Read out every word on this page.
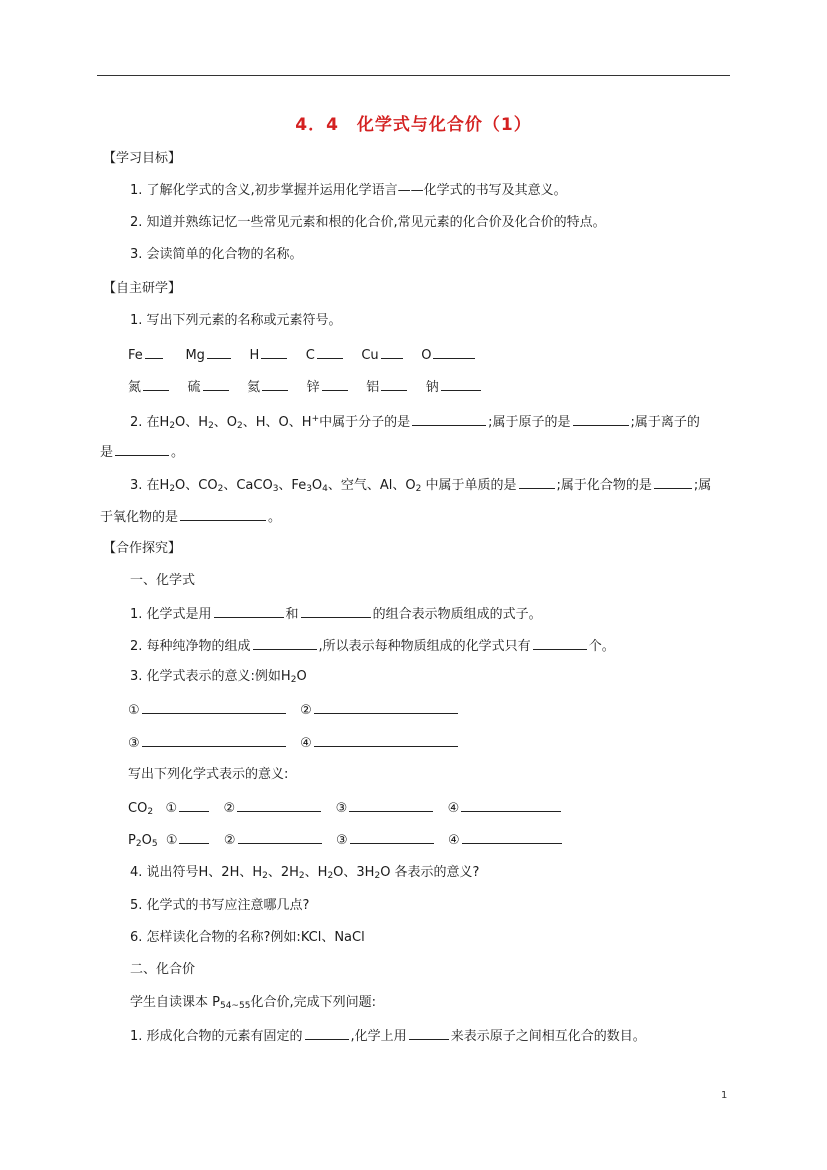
4．4　化学式与化合价（1）
【学习目标】
1. 了解化学式的含义,初步掌握并运用化学语言——化学式的书写及其意义。
2. 知道并熟练记忆一些常见元素和根的化合价,常见元素的化合价及化合价的特点。
3. 会读简单的化合物的名称。
【自主研学】
1. 写出下列元素的名称或元素符号。
Fe	Mg	H	C	Cu	O
氮	硫	氦	锌	铝	钠
2. 在$H_2O$、$H_2$、$O_2$、H、O、H+中属于分子的是	;属于原子的是	;属于离子的
是	。
3. 在$H_2O$、$CO_2$、CaCO$_3$、$Fe_3O_4$、空气、Al、$O_2$ 中属于单质的是	;属于化合物的是	;属
于氧化物的是	。
【合作探究】
一、化学式
1. 化学式是用	和	的组合表示物质组成的式子。
2. 每种纯净物的组成	,所以表示每种物质组成的化学式只有	个。
3. 化学式表示的意义:例如$H_2O$
①	②
③	④
写出下列化学式表示的意义:
$CO_2$ ①	②	③	④
$P_2O_5$ ①	②	③	④
4. 说出符号H、2H、$H_2$、$2H_2$、$H_2O$、$3H_2O$ 各表示的意义?
5. 化学式的书写应注意哪几点?
6. 怎样读化合物的名称?例如:KCl、NaCl
二、化合价
学生自读课本 $P_{54\sim 55}$化合价,完成下列问题:
1. 形成化合物的元素有固定的	,化学上用	来表示原子之间相互化合的数目。
1
